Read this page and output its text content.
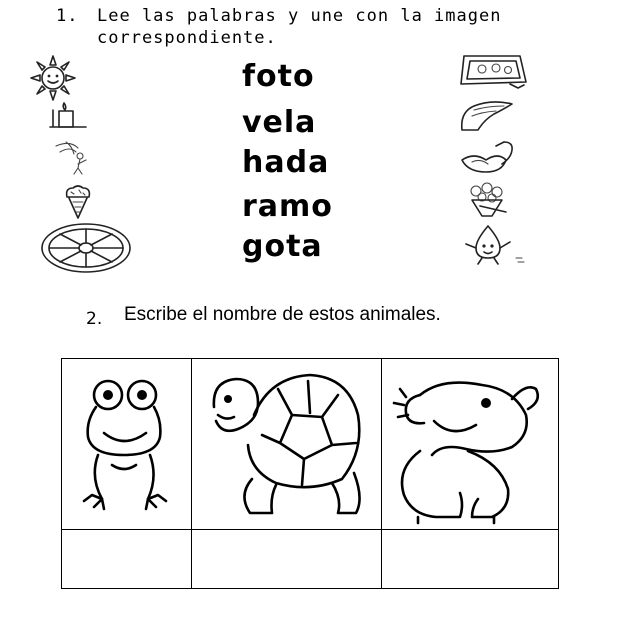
1. Lee las palabras y une con la imagen
correspondiente.
foto
vela
hada
ramo
gota
2. Escribe el nombre de estos animales.
